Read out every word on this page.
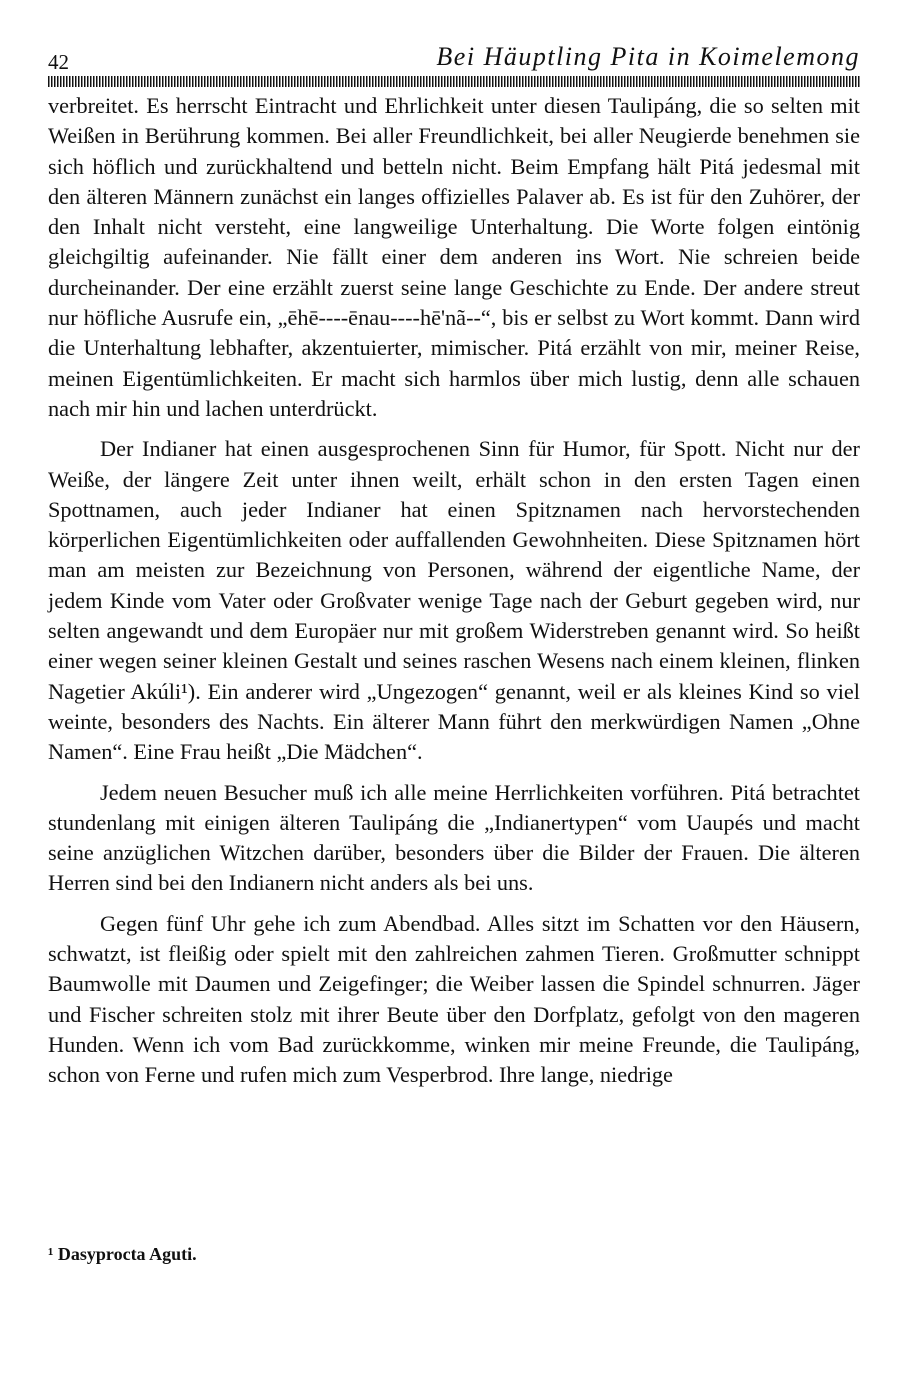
42	Bei Häuptling Pita in Koimelemong

verbreitet. Es herrscht Eintracht und Ehrlichkeit unter diesen Taulipáng, die so selten mit Weißen in Berührung kommen. Bei aller Freundlichkeit, bei aller Neugierde benehmen sie sich höflich und zurückhaltend und betteln nicht. Beim Empfang hält Pitá jedesmal mit den älteren Männern zunächst ein langes offizielles Palaver ab. Es ist für den Zuhörer, der den Inhalt nicht versteht, eine langweilige Unterhaltung. Die Worte folgen eintönig gleichgiltig aufeinander. Nie fällt einer dem anderen ins Wort. Nie schreien beide durcheinander. Der eine erzählt zuerst seine lange Geschichte zu Ende. Der andere streut nur höfliche Ausrufe ein, „ēhē----ēnau----hē'nã--“, bis er selbst zu Wort kommt. Dann wird die Unterhaltung lebhafter, akzentuierter, mimischer. Pitá erzählt von mir, meiner Reise, meinen Eigentümlichkeiten. Er macht sich harmlos über mich lustig, denn alle schauen nach mir hin und lachen unterdrückt.

Der Indianer hat einen ausgesprochenen Sinn für Humor, für Spott. Nicht nur der Weiße, der längere Zeit unter ihnen weilt, erhält schon in den ersten Tagen einen Spottnamen, auch jeder Indianer hat einen Spitznamen nach hervorstechenden körperlichen Eigentümlichkeiten oder auffallenden Gewohnheiten. Diese Spitznamen hört man am meisten zur Bezeichnung von Personen, während der eigentliche Name, der jedem Kinde vom Vater oder Großvater wenige Tage nach der Geburt gegeben wird, nur selten angewandt und dem Europäer nur mit großem Widerstreben genannt wird. So heißt einer wegen seiner kleinen Gestalt und seines raschen Wesens nach einem kleinen, flinken Nagetier Akúli¹). Ein anderer wird „Ungezogen“ genannt, weil er als kleines Kind so viel weinte, besonders des Nachts. Ein älterer Mann führt den merkwürdigen Namen „Ohne Namen“. Eine Frau heißt „Die Mädchen“.

Jedem neuen Besucher muß ich alle meine Herrlichkeiten vorführen. Pitá betrachtet stundenlang mit einigen älteren Taulipáng die „Indianertypen“ vom Uaupés und macht seine anzüglichen Witzchen darüber, besonders über die Bilder der Frauen. Die älteren Herren sind bei den Indianern nicht anders als bei uns.

Gegen fünf Uhr gehe ich zum Abendbad. Alles sitzt im Schatten vor den Häusern, schwatzt, ist fleißig oder spielt mit den zahlreichen zahmen Tieren. Großmutter schnippt Baumwolle mit Daumen und Zeigefinger; die Weiber lassen die Spindel schnurren. Jäger und Fischer schreiten stolz mit ihrer Beute über den Dorfplatz, gefolgt von den mageren Hunden. Wenn ich vom Bad zurückkomme, winken mir meine Freunde, die Taulipáng, schon von Ferne und rufen mich zum Vesperbrod. Ihre lange, niedrige

¹ Dasyprocta Aguti.
